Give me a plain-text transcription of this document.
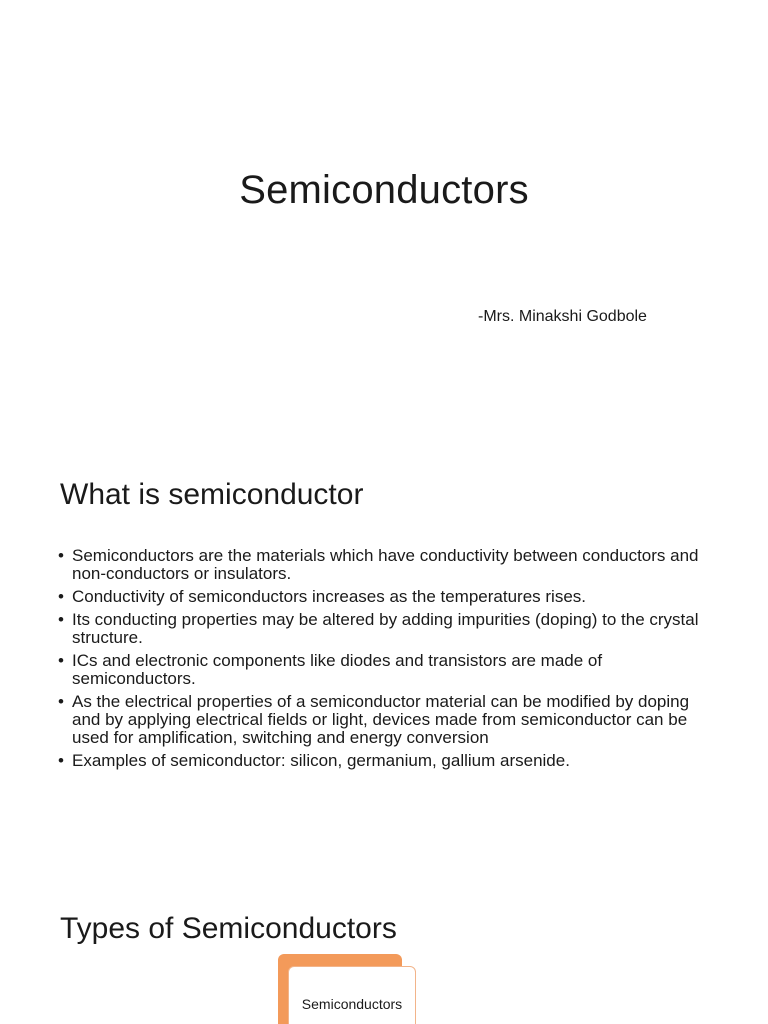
Semiconductors
-Mrs. Minakshi Godbole
What is semiconductor
• Semiconductors are the materials which have conductivity between conductors and non-conductors or insulators.
• Conductivity of semiconductors increases as the temperatures rises.
• Its conducting properties may be altered by adding impurities (doping) to the crystal structure.
• ICs and electronic components like diodes and transistors are made of semiconductors.
• As the electrical properties of a semiconductor material can be modified by doping and by applying electrical fields or light, devices made from semiconductor can be used for amplification, switching and energy conversion
• Examples of semiconductor: silicon, germanium, gallium arsenide.
Types of Semiconductors
Semiconductors
